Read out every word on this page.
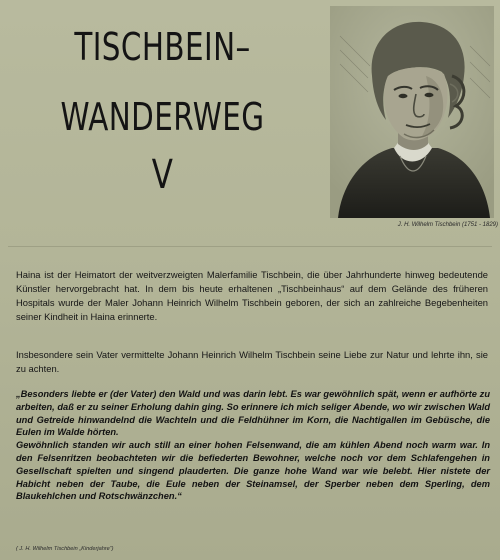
TISCHBEIN–
WANDERWEG
V
J. H. Wilhelm Tischbein (1751 - 1829)

Haina ist der Heimatort der weitverzweigten Malerfamilie Tischbein, die über Jahrhunderte hinweg bedeutende Künstler hervorgebracht hat. In dem bis heute erhaltenen „Tischbeinhaus“ auf dem Gelände des früheren Hospitals wurde der Maler Johann Heinrich Wilhelm Tischbein geboren, der sich an zahlreiche Begebenheiten seiner Kindheit in Haina erinnerte.

Insbesondere sein Vater vermittelte Johann Heinrich Wilhelm Tischbein seine Liebe zur Natur und lehrte ihn, sie zu achten.

„Besonders liebte er (der Vater) den Wald und was darin lebt. Es war gewöhnlich spät, wenn er aufhörte zu arbeiten, daß er zu seiner Erholung dahin ging. So erinnere ich mich seliger Abende, wo wir zwischen Wald und Getreide hinwandelnd die Wachteln und die Feldhühner im Korn, die Nachtigallen im Gebüsche, die Eulen im Walde hörten.
Gewöhnlich standen wir auch still an einer hohen Felsenwand, die am kühlen Abend noch warm war. In den Felsenritzen beobachteten wir die befiederten Bewohner, welche noch vor dem Schlafengehen in Gesellschaft spielten und singend plauderten. Die ganze hohe Wand war wie belebt. Hier nistete der Habicht neben der Taube, die Eule neben der Steinamsel, der Sperber neben dem Sperling, dem Blaukehlchen und Rotschwänzchen.“
( J. H. Wilhelm Tischbein „Kinderjahre“)
